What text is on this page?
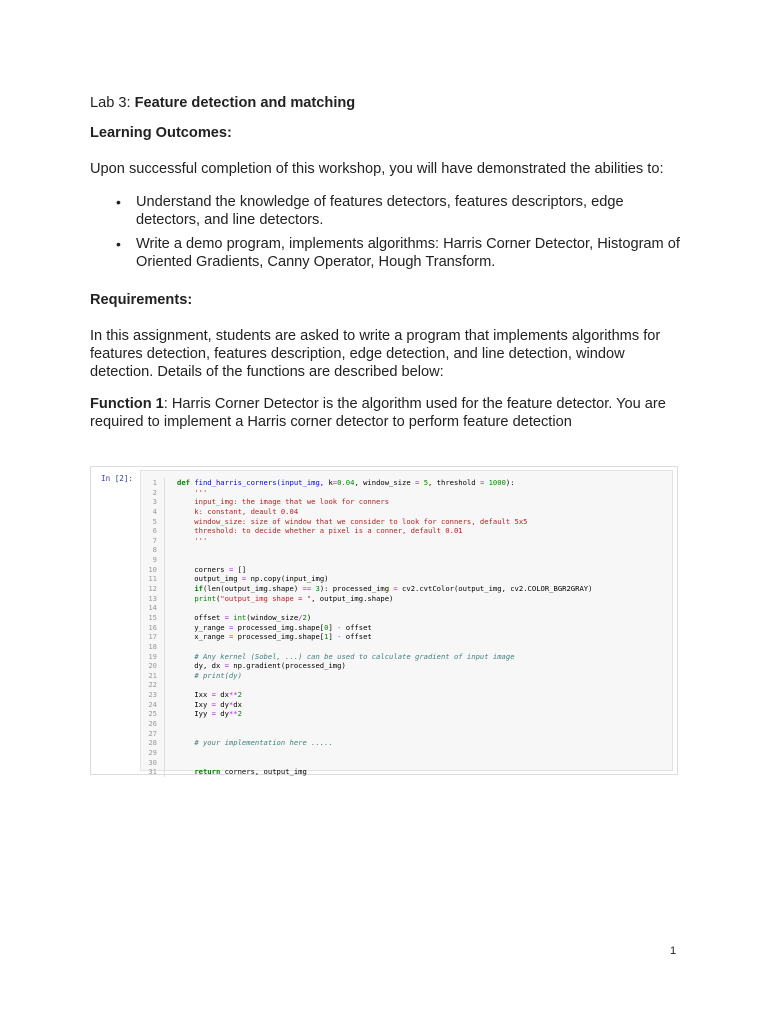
Lab 3: Feature detection and matching

Learning Outcomes:

Upon successful completion of this workshop, you will have demonstrated the abilities to:

• Understand the knowledge of features detectors, features descriptors, edge detectors, and line detectors.
• Write a demo program, implements algorithms: Harris Corner Detector, Histogram of Oriented Gradients, Canny Operator, Hough Transform.

Requirements:

In this assignment, students are asked to write a program that implements algorithms for features detection, features description, edge detection, and line detection, window detection. Details of the functions are described below:

Function 1: Harris Corner Detector is the algorithm used for the feature detector. You are required to implement a Harris corner detector to perform feature detection

In [2]:	1	def find_harris_corners(input_img, k=0.04, window_size = 5, threshold = 1000):
2	'''
3	input_img: the image that we look for conners
4	k: constant, deault 0.04
5	window_size: size of window that we consider to look for conners, default 5x5
6	threshold: to decide whether a pixel is a conner, default 0.01
7	'''
8
9
10	corners = []
11	output_img = np.copy(input_img)
12	if(len(output_img.shape) == 3): processed_img = cv2.cvtColor(output_img, cv2.COLOR_BGR2GRAY)
13	print("output_img shape = ", output_img.shape)
14
15	offset = int(window_size/2)
16	y_range = processed_img.shape[0] - offset
17	x_range = processed_img.shape[1] - offset
18
19	# Any kernel (Sobel, ...) can be used to calculate gradient of input image
20	dy, dx = np.gradient(processed_img)
21	# print(dy)
22
23	Ixx = dx**2
24	Ixy = dy*dx
25	Iyy = dy**2
26
27
28	# your implementation here .....
29
30
31	return corners, output_img
1
